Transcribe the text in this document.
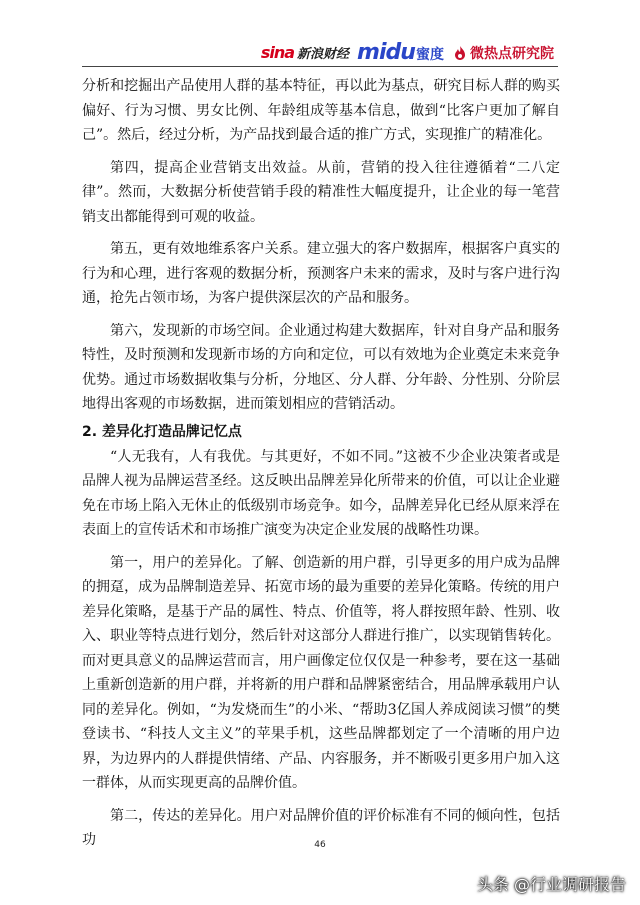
sina 新浪财经 midu 蜜度 微热点研究院

分析和挖掘出产品使用人群的基本特征，再以此为基点，研究目标人群的购买偏好、行为习惯、男女比例、年龄组成等基本信息，做到“比客户更加了解自己”。然后，经过分析，为产品找到最合适的推广方式，实现推广的精准化。

第四，提高企业营销支出效益。从前，营销的投入往往遵循着“二八定律”。然而，大数据分析使营销手段的精准性大幅度提升，让企业的每一笔营销支出都能得到可观的收益。

第五，更有效地维系客户关系。建立强大的客户数据库，根据客户真实的行为和心理，进行客观的数据分析，预测客户未来的需求，及时与客户进行沟通，抢先占领市场，为客户提供深层次的产品和服务。

第六，发现新的市场空间。企业通过构建大数据库，针对自身产品和服务特性，及时预测和发现新市场的方向和定位，可以有效地为企业奠定未来竞争优势。通过市场数据收集与分析，分地区、分人群、分年龄、分性别、分阶层地得出客观的市场数据，进而策划相应的营销活动。

2. 差异化打造品牌记忆点

“人无我有，人有我优。与其更好，不如不同。”这被不少企业决策者或是品牌人视为品牌运营圣经。这反映出品牌差异化所带来的价值，可以让企业避免在市场上陷入无休止的低级别市场竞争。如今，品牌差异化已经从原来浮在表面上的宣传话术和市场推广演变为决定企业发展的战略性功课。

第一，用户的差异化。了解、创造新的用户群，引导更多的用户成为品牌的拥趸，成为品牌制造差异、拓宽市场的最为重要的差异化策略。传统的用户差异化策略，是基于产品的属性、特点、价值等，将人群按照年龄、性别、收入、职业等特点进行划分，然后针对这部分人群进行推广，以实现销售转化。而对更具意义的品牌运营而言，用户画像定位仅仅是一种参考，要在这一基础上重新创造新的用户群，并将新的用户群和品牌紧密结合，用品牌承载用户认同的差异化。例如，“为发烧而生”的小米、“帮助3亿国人养成阅读习惯”的樊登读书、“科技人文主义”的苹果手机，这些品牌都划定了一个清晰的用户边界，为边界内的人群提供情绪、产品、内容服务，并不断吸引更多用户加入这一群体，从而实现更高的品牌价值。

第二，传达的差异化。用户对品牌价值的评价标准有不同的倾向性，包括功	46
头条 @行业调研报告
